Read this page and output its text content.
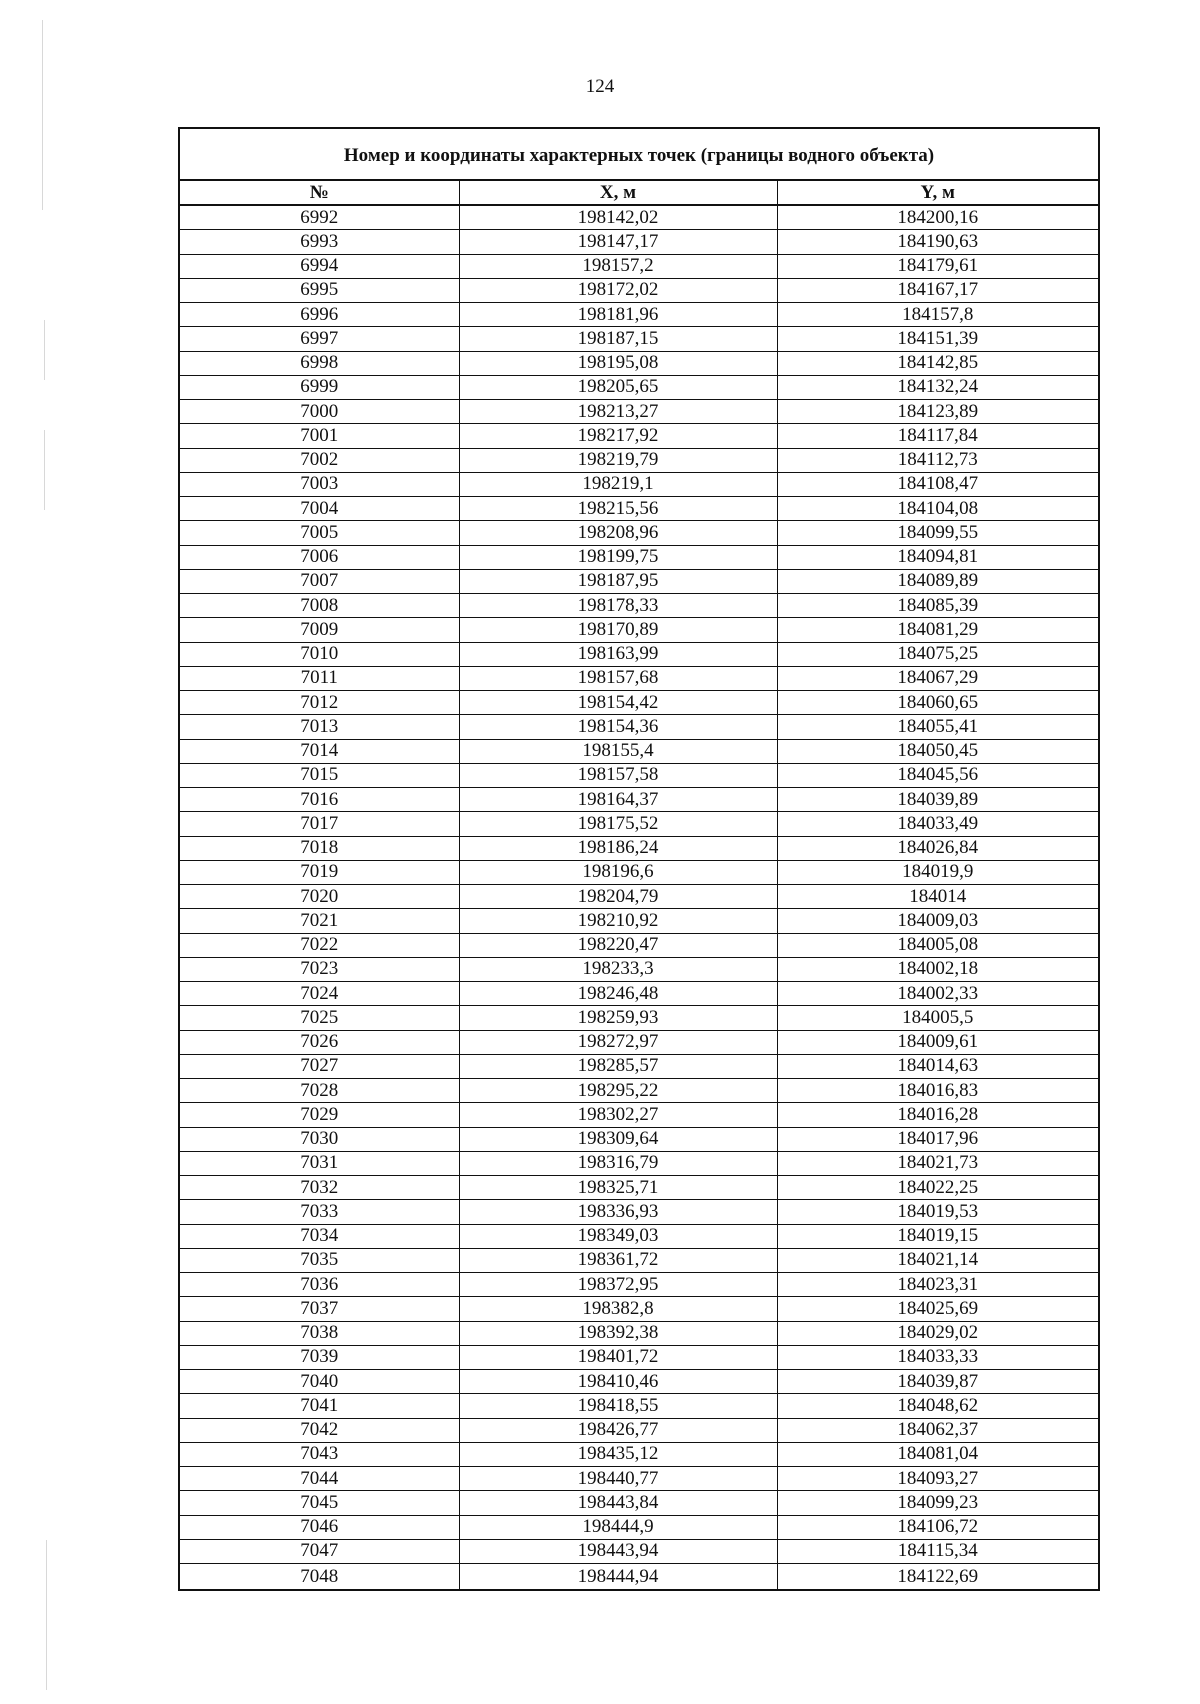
124
Номер и координаты характерных точек (границы водного объекта)
№	X, м	Y, м
6992	198142,02	184200,16
6993	198147,17	184190,63
6994	198157,2	184179,61
6995	198172,02	184167,17
6996	198181,96	184157,8
6997	198187,15	184151,39
6998	198195,08	184142,85
6999	198205,65	184132,24
7000	198213,27	184123,89
7001	198217,92	184117,84
7002	198219,79	184112,73
7003	198219,1	184108,47
7004	198215,56	184104,08
7005	198208,96	184099,55
7006	198199,75	184094,81
7007	198187,95	184089,89
7008	198178,33	184085,39
7009	198170,89	184081,29
7010	198163,99	184075,25
7011	198157,68	184067,29
7012	198154,42	184060,65
7013	198154,36	184055,41
7014	198155,4	184050,45
7015	198157,58	184045,56
7016	198164,37	184039,89
7017	198175,52	184033,49
7018	198186,24	184026,84
7019	198196,6	184019,9
7020	198204,79	184014
7021	198210,92	184009,03
7022	198220,47	184005,08
7023	198233,3	184002,18
7024	198246,48	184002,33
7025	198259,93	184005,5
7026	198272,97	184009,61
7027	198285,57	184014,63
7028	198295,22	184016,83
7029	198302,27	184016,28
7030	198309,64	184017,96
7031	198316,79	184021,73
7032	198325,71	184022,25
7033	198336,93	184019,53
7034	198349,03	184019,15
7035	198361,72	184021,14
7036	198372,95	184023,31
7037	198382,8	184025,69
7038	198392,38	184029,02
7039	198401,72	184033,33
7040	198410,46	184039,87
7041	198418,55	184048,62
7042	198426,77	184062,37
7043	198435,12	184081,04
7044	198440,77	184093,27
7045	198443,84	184099,23
7046	198444,9	184106,72
7047	198443,94	184115,34
7048	198444,94	184122,69
